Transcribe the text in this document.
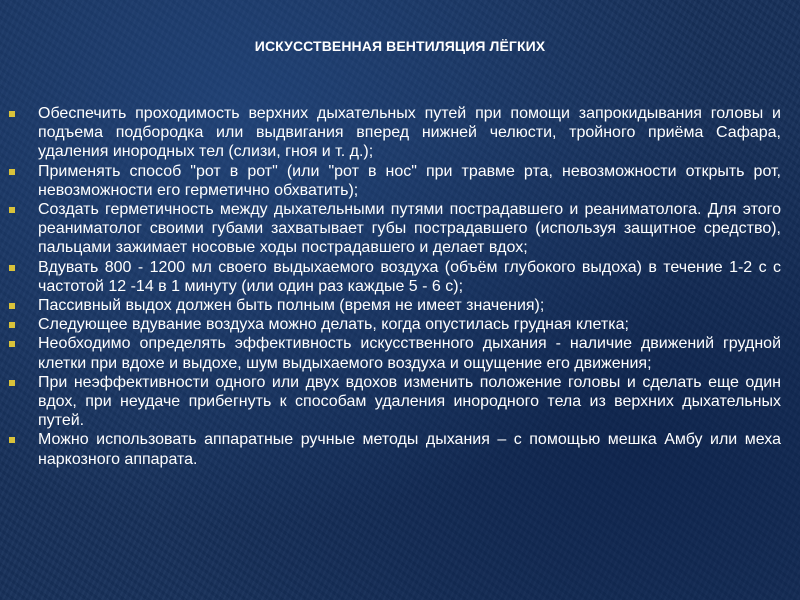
ИСКУССТВЕННАЯ ВЕНТИЛЯЦИЯ ЛЁГКИХ
Обеспечить проходимость верхних дыхательных путей при помощи запрокидывания головы и подъема подбородка или выдвигания вперед нижней челюсти, тройного приёма Сафара, удаления инородных тел (слизи, гноя и т. д.);
Применять способ "рот в рот" (или "рот в нос" при травме рта, невозможности открыть рот, невозможности его герметично обхватить);
Создать герметичность между дыхательными путями пострадавшего и реаниматолога. Для этого реаниматолог своими губами захватывает губы пострадавшего (используя защитное средство), пальцами зажимает носовые ходы пострадавшего и делает вдох;
Вдувать 800 - 1200 мл своего выдыхаемого воздуха (объём глубокого выдоха) в течение 1-2 с с частотой 12 -14 в 1 минуту (или один раз каждые 5 - 6 с);
Пассивный выдох должен быть полным (время не имеет значения);
Следующее вдувание воздуха можно делать, когда опустилась грудная клетка;
Необходимо определять эффективность искусственного дыхания - наличие движений грудной клетки при вдохе и выдохе, шум выдыхаемого воздуха и ощущение его движения;
При неэффективности одного или двух вдохов изменить положение головы и сделать еще один вдох, при неудаче прибегнуть к способам удаления инородного тела из верхних дыхательных путей.
Можно использовать аппаратные ручные методы дыхания – с помощью мешка Амбу или меха наркозного аппарата.
